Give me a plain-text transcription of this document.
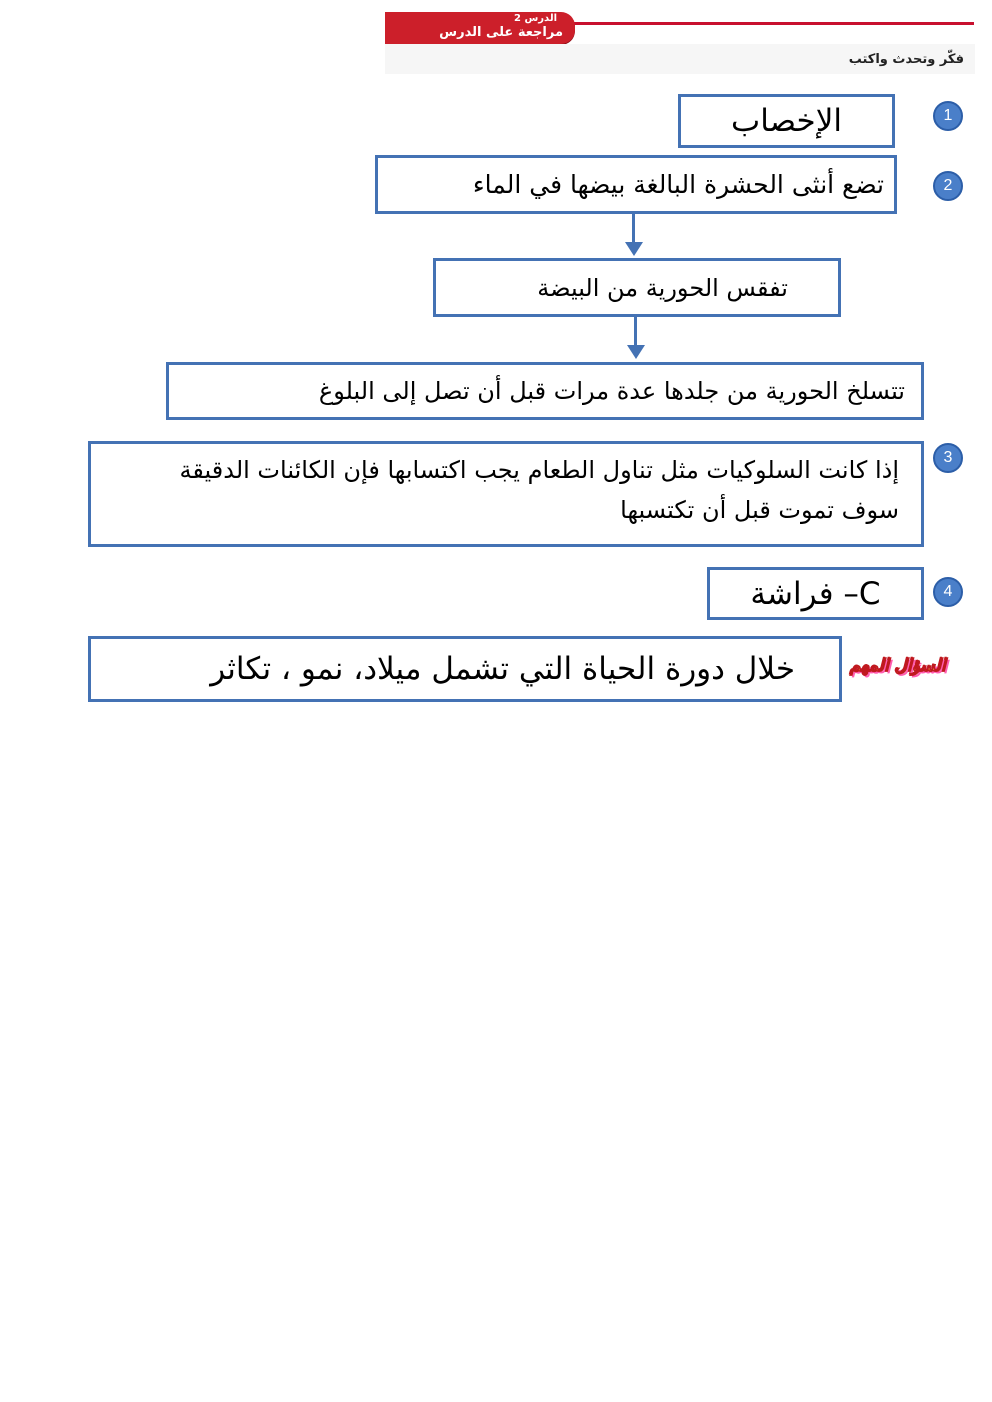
الدرس 2
مراجعة على الدرس
فكّر وتحدث واكتب
1
الإخصاب
2
تضع أنثى الحشرة البالغة بيضها في الماء
تفقس الحورية من البيضة
تتسلخ الحورية من جلدها عدة مرات قبل أن تصل إلى البلوغ
3
إذا كانت السلوكيات مثل تناول الطعام يجب اكتسابها فإن الكائنات الدقيقة سوف تموت قبل أن تكتسبها
4
C– فراشة
السؤال المهم
خلال دورة الحياة التي تشمل ميلاد، نمو ، تكاثر
